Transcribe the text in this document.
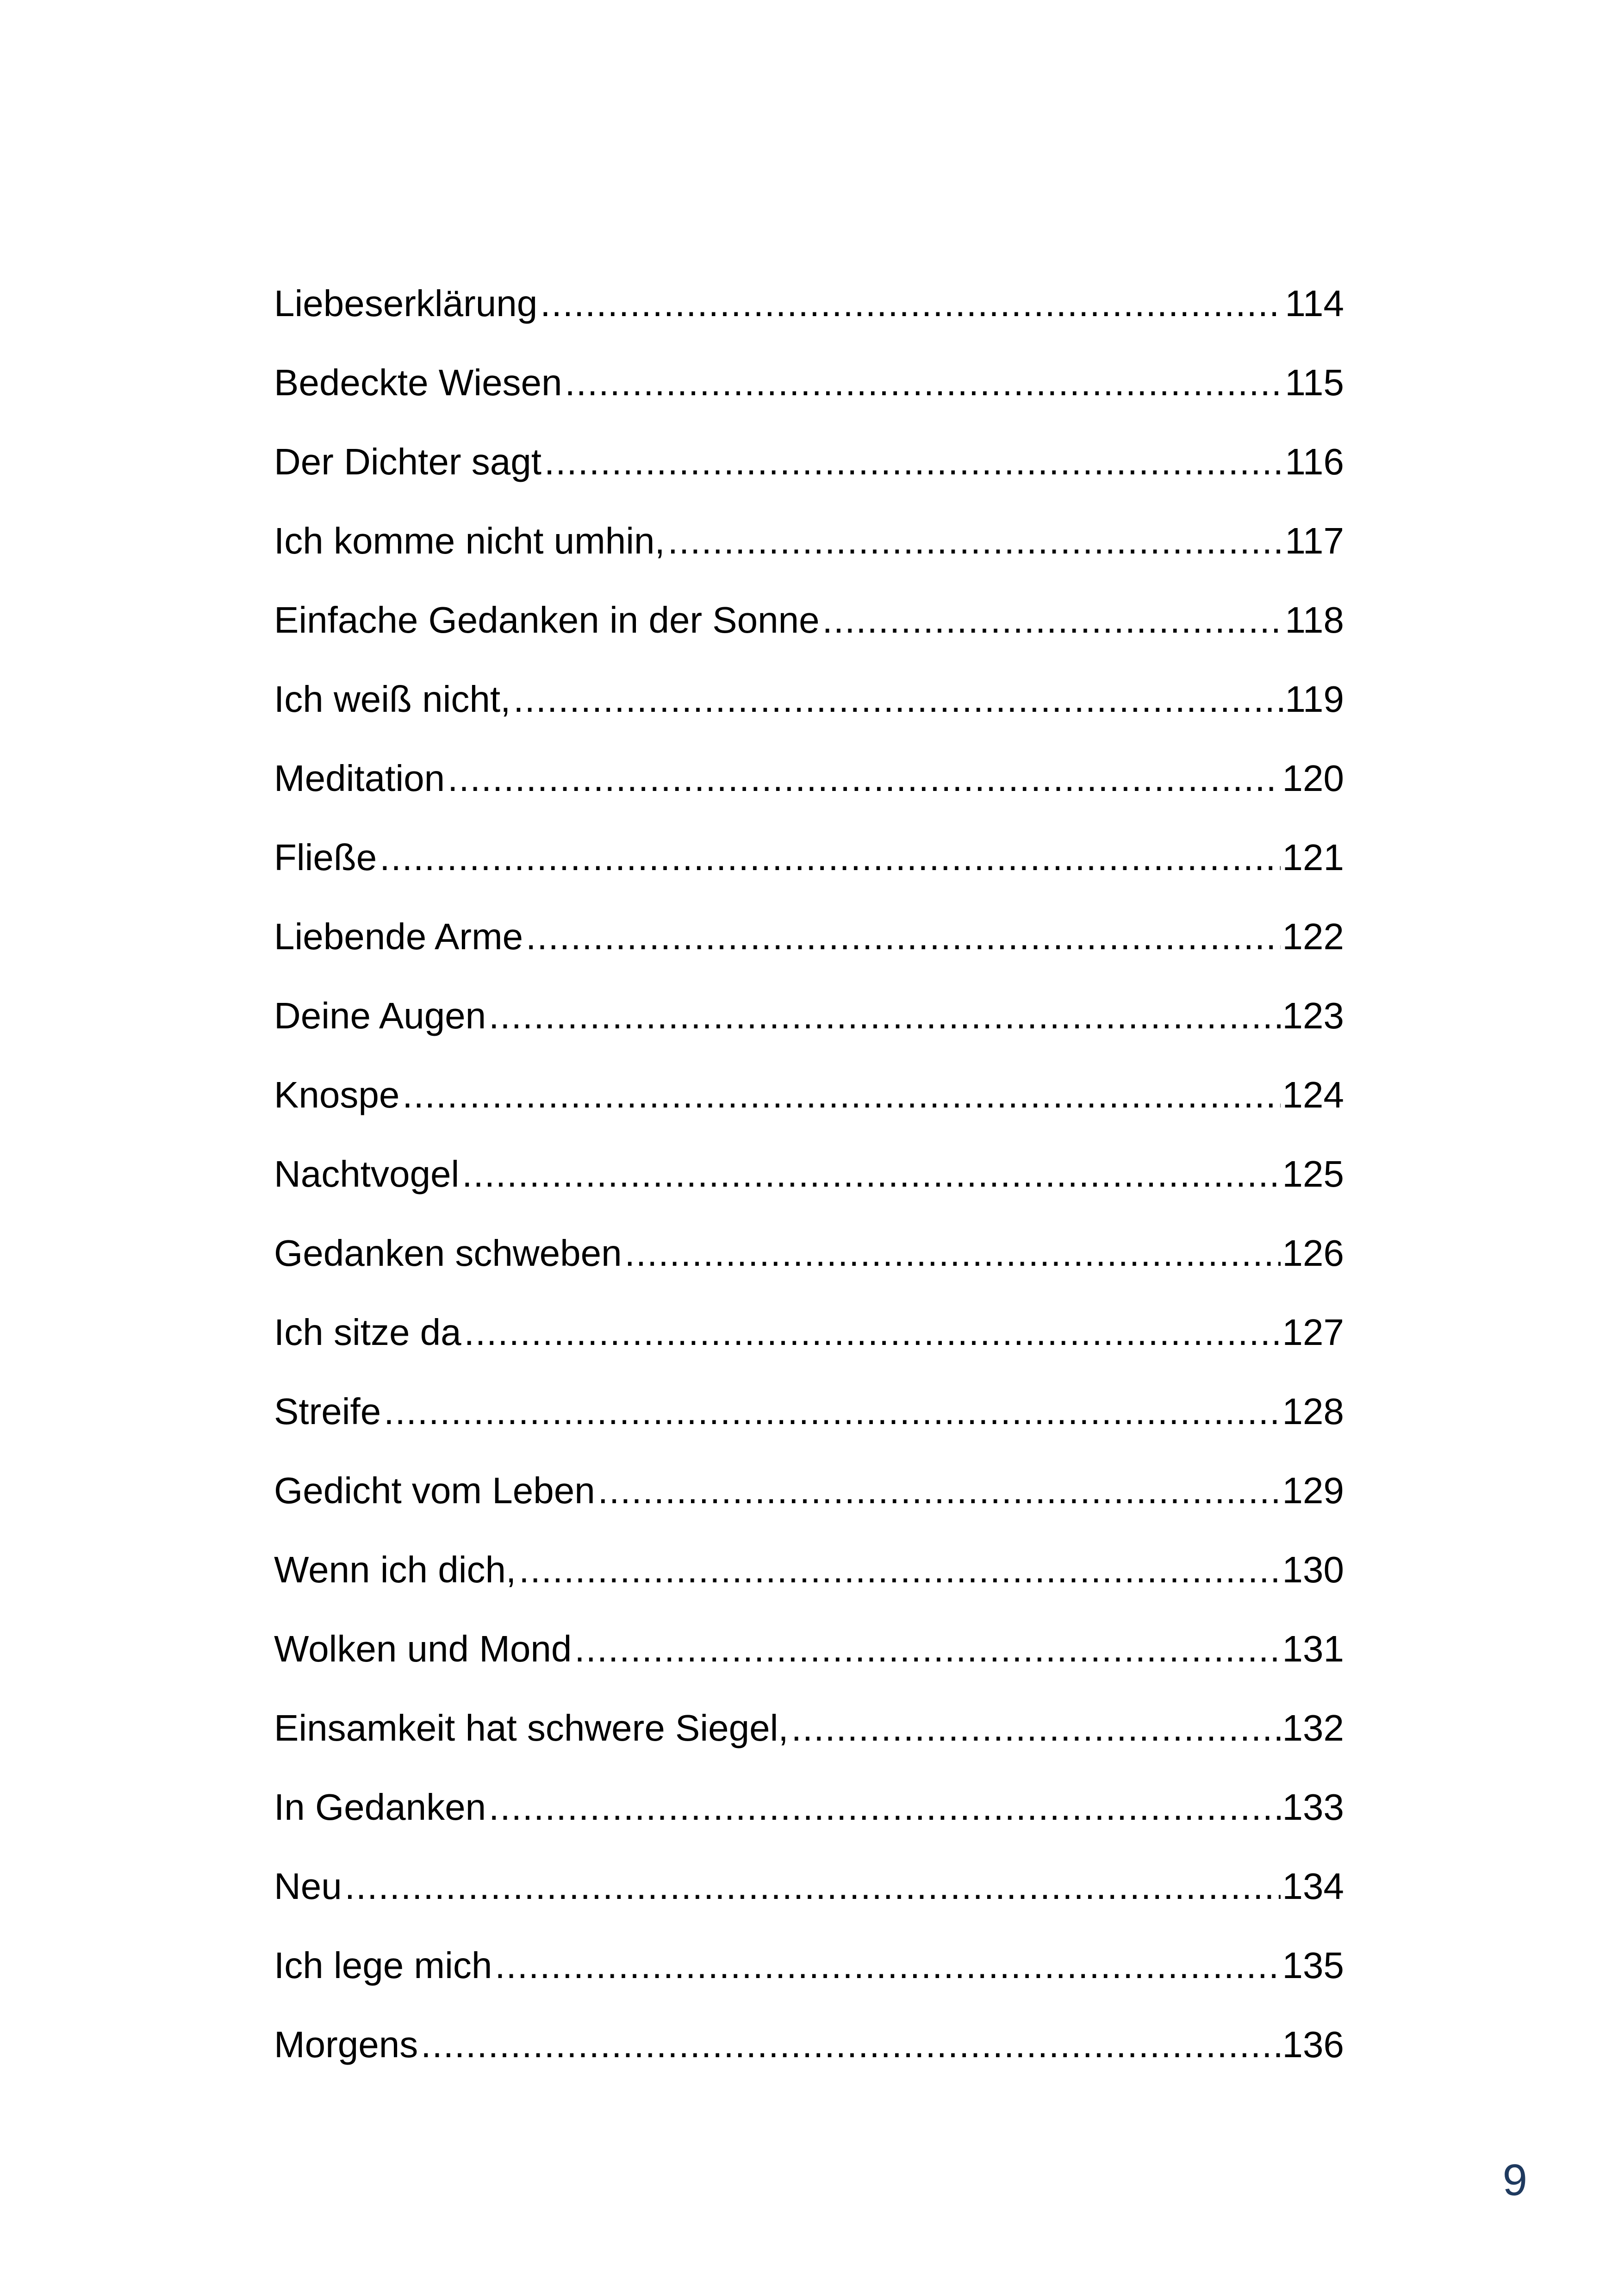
Liebeserklärung .....	114
Bedeckte Wiesen .....	115
Der Dichter sagt .....	116
Ich komme nicht umhin, .....	117
Einfache Gedanken in der Sonne .....	118
Ich weiß nicht, .....	119
Meditation .....	120
Fließe .....	121
Liebende Arme .....	122
Deine Augen .....	123
Knospe .....	124
Nachtvogel .....	125
Gedanken schweben .....	126
Ich sitze da .....	127
Streife .....	128
Gedicht vom Leben .....	129
Wenn ich dich, .....	130
Wolken und Mond .....	131
Einsamkeit hat schwere Siegel, .....	132
In Gedanken .....	133
Neu .....	134
Ich lege mich .....	135
Morgens .....	136
9
